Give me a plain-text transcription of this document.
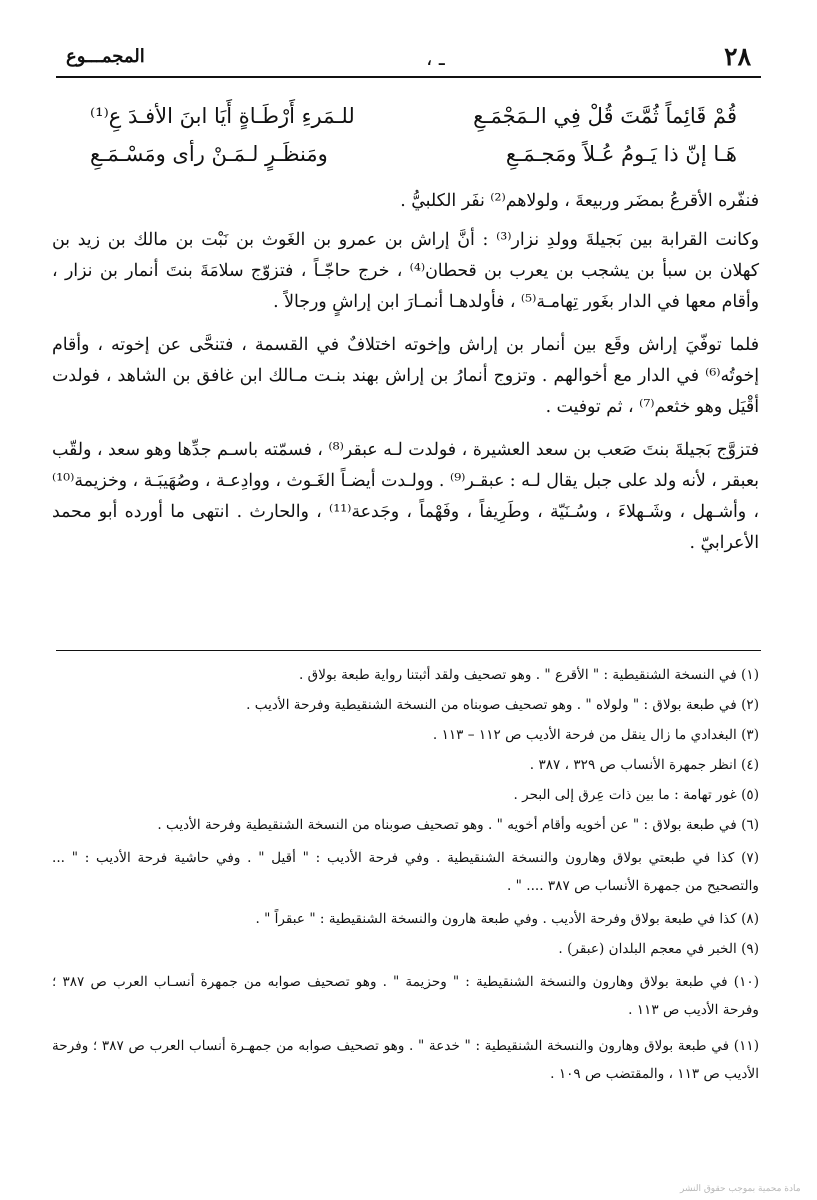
٢٨
ـ ،
المجمـــوع
قُمْ قَائِماً ثُمَّتَ قُلْ فِي الـمَجْمَـعِ
للـمَرءِ أَرْطَـاةٍ أَيَا ابنَ الأفـدَ عِ⁽¹⁾
هَـا إنّ ذا يَـومُ عُـلاً ومَجـمَـعِ
ومَنظَـرٍ لـمَـنْ رأى ومَسْـمَـعِ

فنفّره الأقرعُ بمضَر وربيعةَ ، ولولاهم⁽²⁾ نفَر الكلبيُّ .

وكانت القرابة بين بَجيلةَ وولدِ نزار⁽³⁾ : أنَّ إراش بن عمرو بن الغَوث بن نَبْت بن مالك بن زيد بن كهلان بن سبأ بن يشجب بن يعرب بن قحطان⁽⁴⁾ ، خرج حاجّـاً ، فتزوّج سلامَةَ بنتَ أنمار بن نزار ، وأقام معها في الدار بغَور تِهامـة⁽⁵⁾ ، فأولدهـا أنمـارَ ابن إراشٍ ورجالاً .

فلما توفّيَ إراش وقَع بين أنمار بن إراش وإخوته اختلافٌ في القسمة ، فتنحَّى عن إخوته ، وأقام إخوتُه⁽⁶⁾ في الدار مع أخوالهم . وتزوج أنمارُ بن إراش بهند بنـت مـالك ابن غافق بن الشاهد ، فولدت أقْيَل وهو خثعم⁽⁷⁾ ، ثم توفيت .

فتزوَّج بَجيلةَ بنتَ صَعب بن سعد العشيرة ، فولدت لـه عبقر⁽⁸⁾ ، فسمّته باسـم جدِّها وهو سعد ، ولقّب بعبقر ، لأنه ولد على جبل يقال لـه : عبقـر⁽⁹⁾ . وولـدت أيضـاً الغَـوث ، ووادِعـة ، وصُهَيبَـة ، وخزيمة⁽¹⁰⁾ ، وأشـهل ، وشَـهلاءَ ، وسُـنَيّة ، وطَرِيفاً ، وفَهْماً ، وجَدعة⁽¹¹⁾ ، والحارث . انتهى ما أورده أبو محمد الأعرابيّ .

(١) في النسخة الشنقيطية : " الأقرع " . وهو تصحيف ولقد أثبتنا رواية طبعة بولاق .

(٢) في طبعة بولاق : " ولولاه " . وهو تصحيف صوبناه من النسخة الشنقيطية وفرحة الأديب .

(٣) البغدادي ما زال ينقل من فرحة الأديب ص ١١٢ – ١١٣ .

(٤) انظر جمهرة الأنساب ص ٣٢٩ ، ٣٨٧ .

(٥) غور تهامة : ما بين ذات عِرق إلى البحر .

(٦) في طبعة بولاق : " عن أخويه وأقام أخويه " . وهو تصحيف صوبناه من النسخة الشنقيطية وفرحة الأديب .

(٧) كذا في طبعتي بولاق وهارون والنسخة الشنقيطية . وفي فرحة الأديب : " أقيل " . وفي حاشية فرحة الأديب : " ... والتصحيح من جمهرة الأنساب ص ٣٨٧ .... " .

(٨) كذا في طبعة بولاق وفرحة الأديب . وفي طبعة هارون والنسخة الشنقيطية : " عبقراً " .

(٩) الخبر في معجم البلدان (عبقر) .

(١٠) في طبعة بولاق وهارون والنسخة الشنقيطية : " وحزيمة " . وهو تصحيف صوابه من جمهرة أنسـاب العرب ص ٣٨٧ ؛ وفرحة الأديب ص ١١٣ .

(١١) في طبعة بولاق وهارون والنسخة الشنقيطية : " خدعة " . وهو تصحيف صوابه من جمهـرة أنساب العرب ص ٣٨٧ ؛ وفرحة الأديب ص ١١٣ ، والمقتضب ص ١٠٩ .

مادة محمية بموجب حقوق النشر
